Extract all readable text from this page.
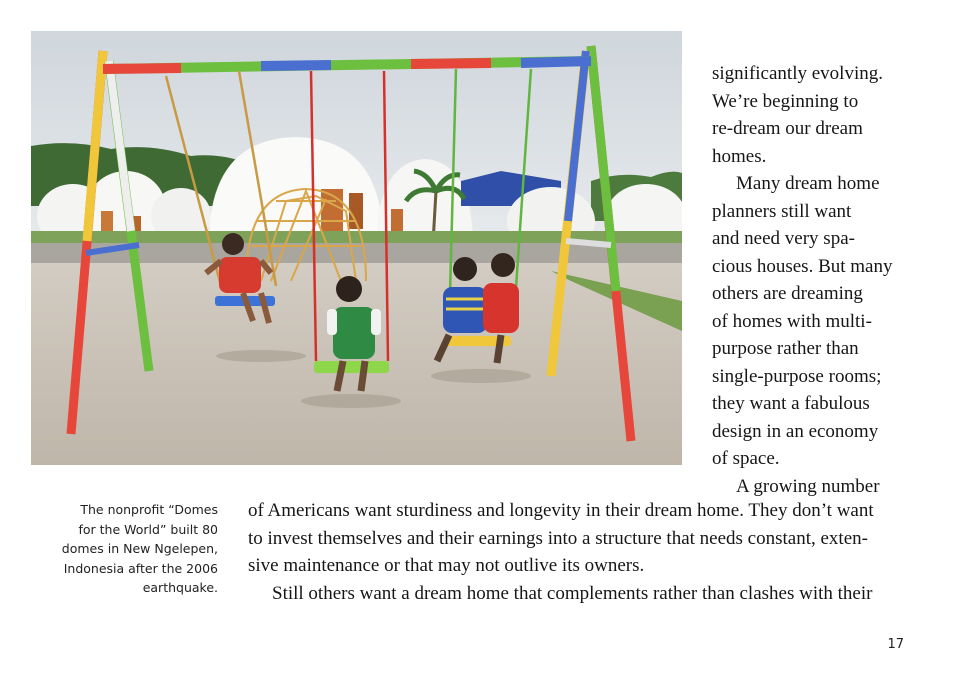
significantly evolving.
We’re beginning to
re-dream our dream
homes.
Many dream home
planners still want
and need very spa-
cious houses. But many
others are dreaming
of homes with multi-
purpose rather than
single-purpose rooms;
they want a fabulous
design in an economy
of space.
A growing number
The nonprofit “Domes
for the World” built 80
domes in New Ngelepen,
Indonesia after the 2006
earthquake.
of Americans want sturdiness and longevity in their dream home. They don’t want
to invest themselves and their earnings into a structure that needs constant, exten-
sive maintenance or that may not outlive its owners.
Still others want a dream home that complements rather than clashes with their
17
